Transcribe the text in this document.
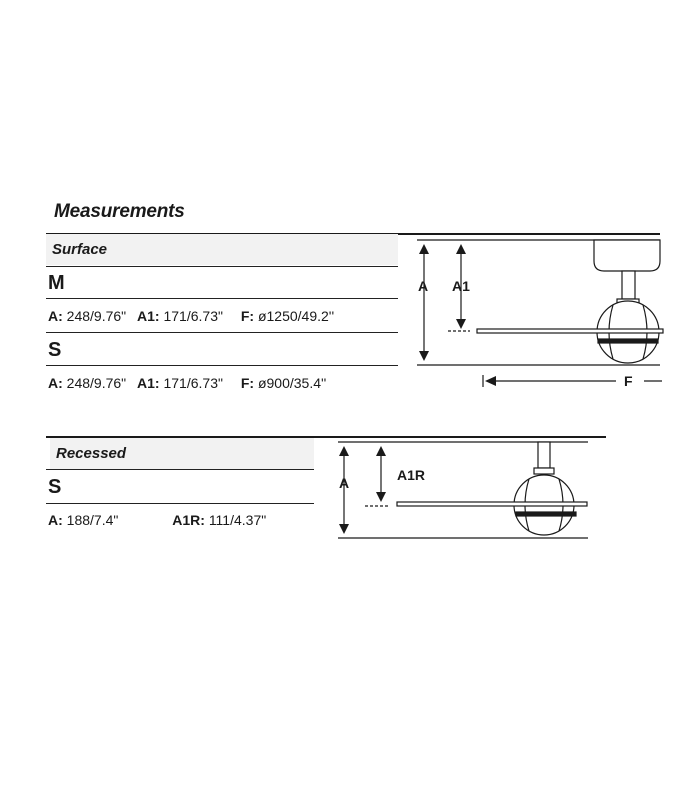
Measurements
Surface
M
A: 248/9.76" A1: 171/6.73" F: ø1250/49.2''
S
A: 248/9.76" A1: 171/6.73" F: ø900/35.4''
A A1
F
Recessed
S
A: 188/7.4"	A1R: 111/4.37"
A	A1R
